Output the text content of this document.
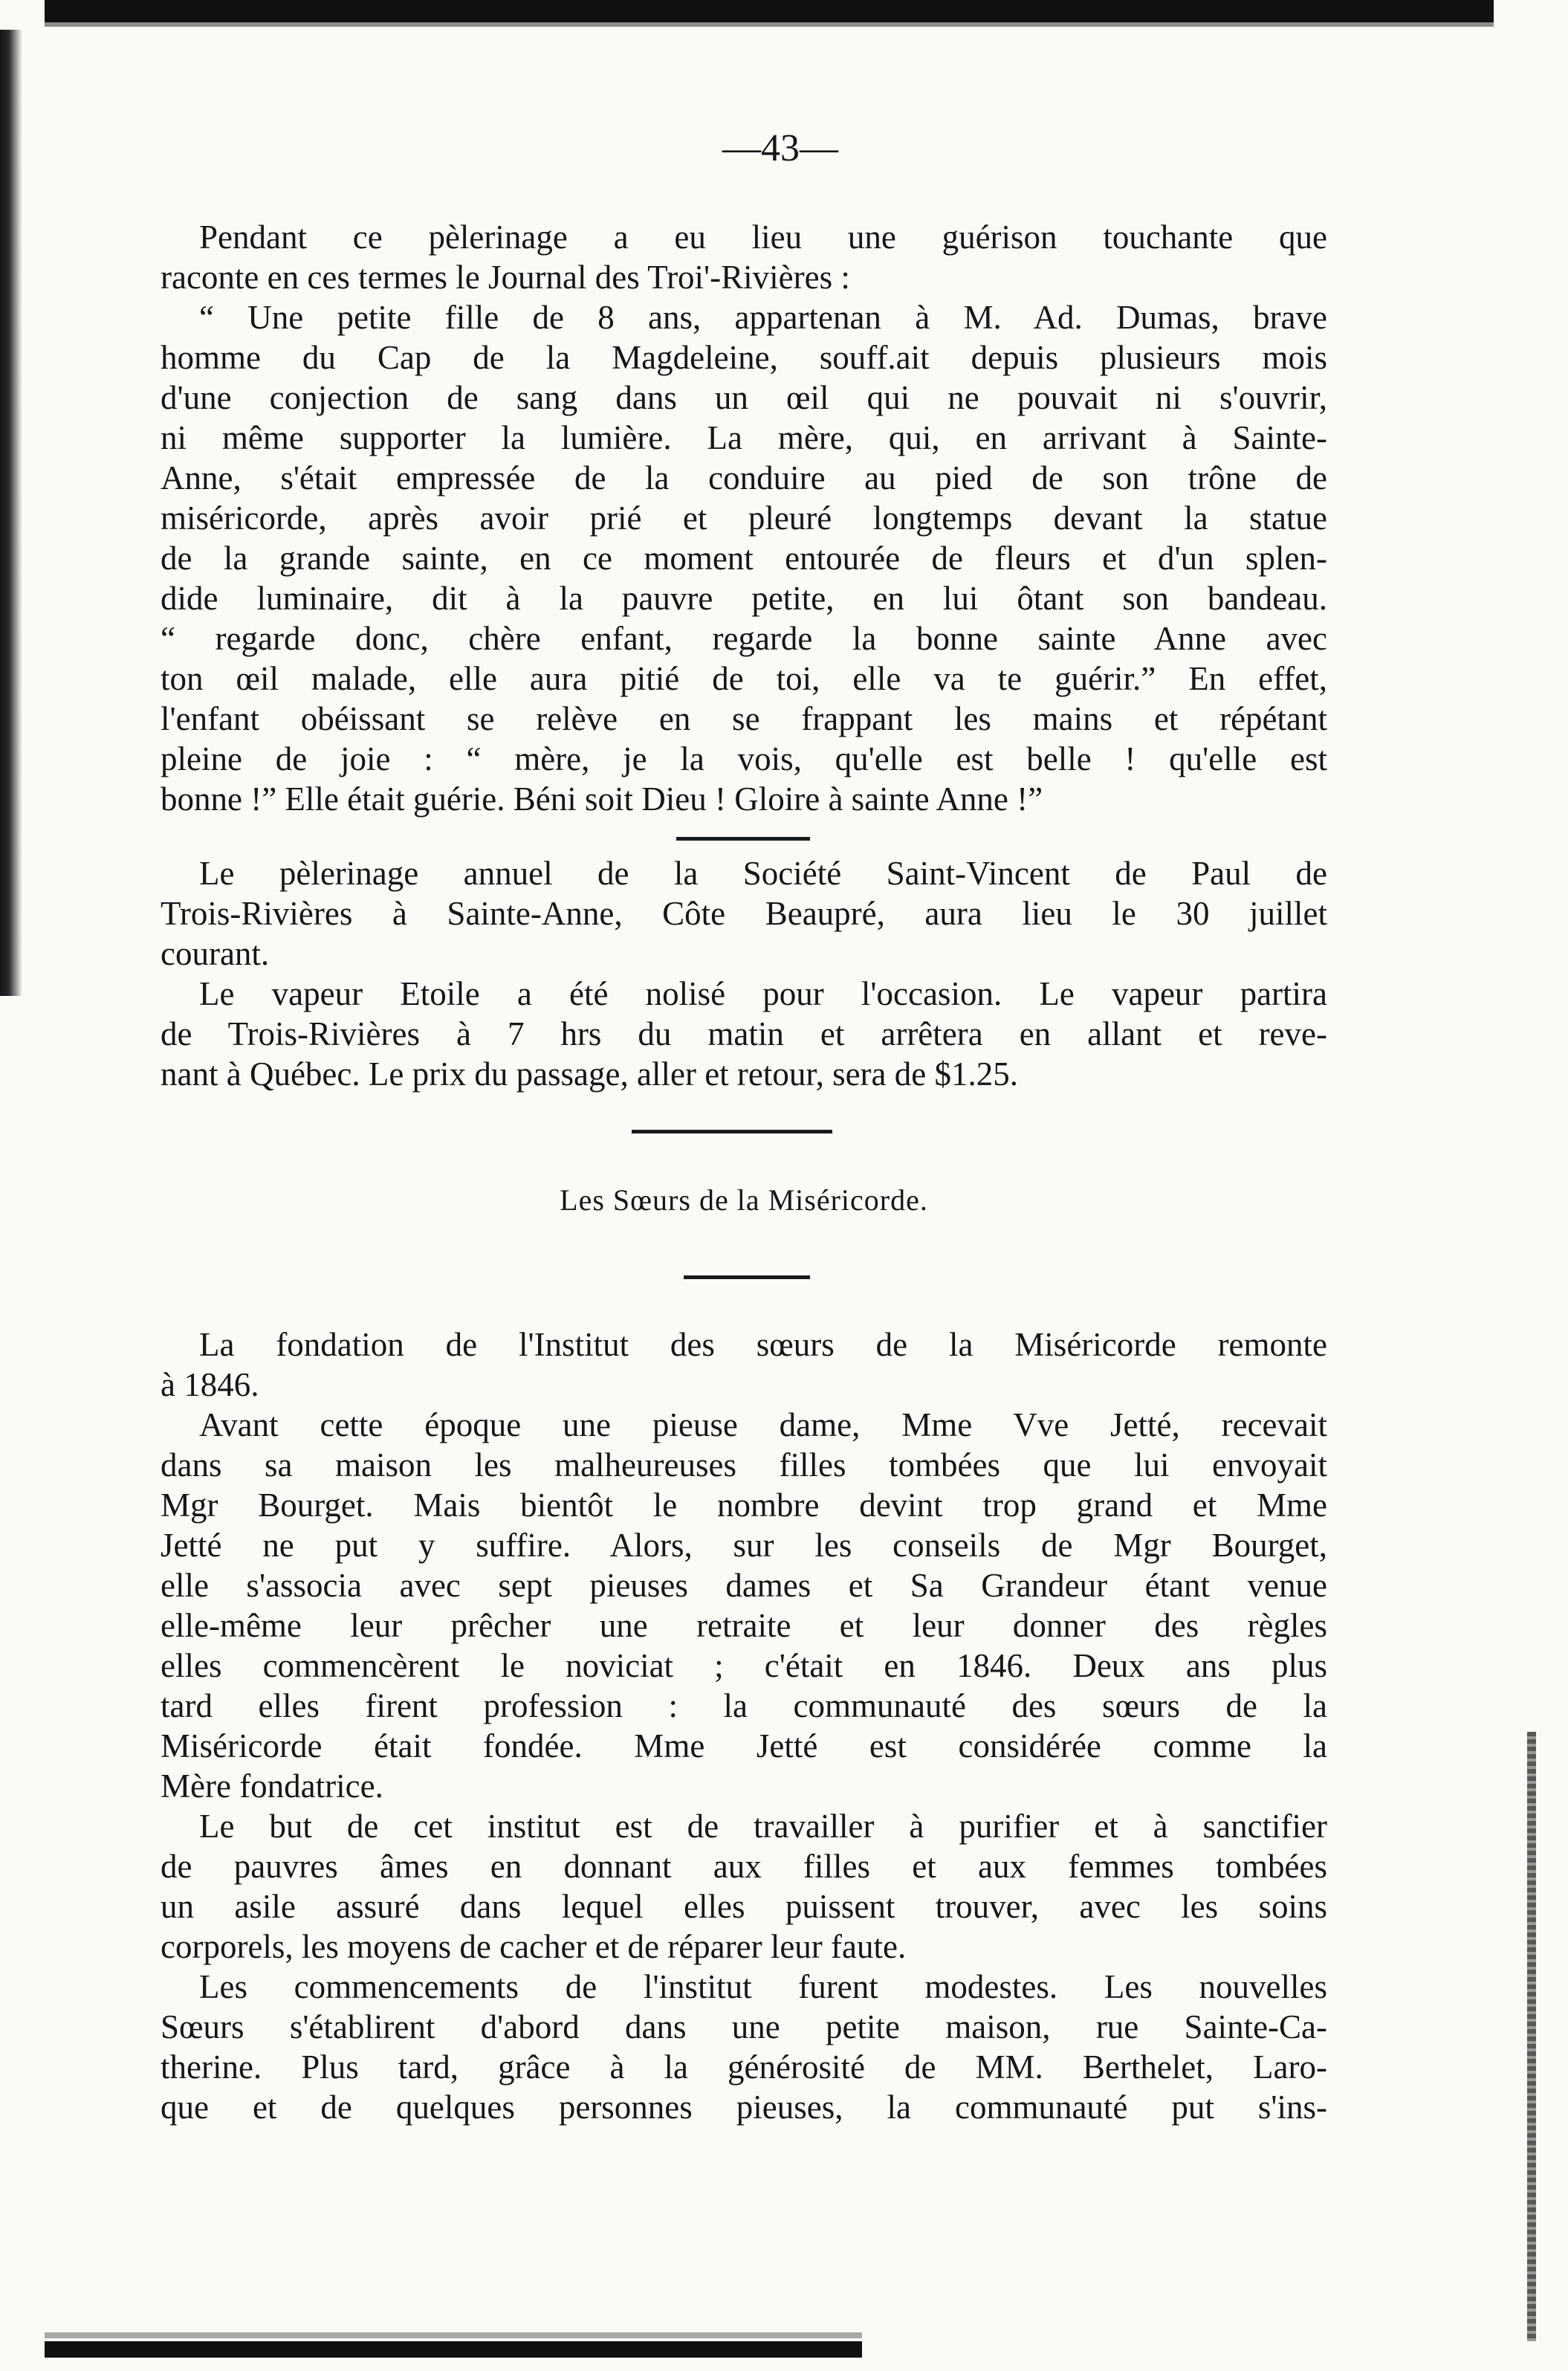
—43—
Pendant ce pèlerinage a eu lieu une guérison touchante que
raconte en ces termes le Journal des Troi'-Rivières :
“ Une petite fille de 8 ans, appartenan à M. Ad. Dumas, brave
homme du Cap de la Magdeleine, souff.ait depuis plusieurs mois
d'une conjection de sang dans un œil qui ne pouvait ni s'ouvrir,
ni même supporter la lumière. La mère, qui, en arrivant à Sainte-
Anne, s'était empressée de la conduire au pied de son trône de
miséricorde, après avoir prié et pleuré longtemps devant la statue
de la grande sainte, en ce moment entourée de fleurs et d'un splen-
dide luminaire, dit à la pauvre petite, en lui ôtant son bandeau.
“ regarde donc, chère enfant, regarde la bonne sainte Anne avec
ton œil malade, elle aura pitié de toi, elle va te guérir.” En effet,
l'enfant obéissant se relève en se frappant les mains et répétant
pleine de joie : “ mère, je la vois, qu'elle est belle ! qu'elle est
bonne !” Elle était guérie. Béni soit Dieu ! Gloire à sainte Anne !”
Le pèlerinage annuel de la Société Saint-Vincent de Paul de
Trois-Rivières à Sainte-Anne, Côte Beaupré, aura lieu le 30 juillet
courant.
Le vapeur Etoile a été nolisé pour l'occasion. Le vapeur partira
de Trois-Rivières à 7 hrs du matin et arrêtera en allant et reve-
nant à Québec. Le prix du passage, aller et retour, sera de $1.25.
Les Sœurs de la Miséricorde.
La fondation de l'Institut des sœurs de la Miséricorde remonte
à 1846.
Avant cette époque une pieuse dame, Mme Vve Jetté, recevait
dans sa maison les malheureuses filles tombées que lui envoyait
Mgr Bourget. Mais bientôt le nombre devint trop grand et Mme
Jetté ne put y suffire. Alors, sur les conseils de Mgr Bourget,
elle s'associa avec sept pieuses dames et Sa Grandeur étant venue
elle-même leur prêcher une retraite et leur donner des règles
elles commencèrent le noviciat ; c'était en 1846. Deux ans plus
tard elles firent profession : la communauté des sœurs de la
Miséricorde était fondée. Mme Jetté est considérée comme la
Mère fondatrice.
Le but de cet institut est de travailler à purifier et à sanctifier
de pauvres âmes en donnant aux filles et aux femmes tombées
un asile assuré dans lequel elles puissent trouver, avec les soins
corporels, les moyens de cacher et de réparer leur faute.
Les commencements de l'institut furent modestes. Les nouvelles
Sœurs s'établirent d'abord dans une petite maison, rue Sainte-Ca-
therine. Plus tard, grâce à la générosité de MM. Berthelet, Laro-
que et de quelques personnes pieuses, la communauté put s'ins-
